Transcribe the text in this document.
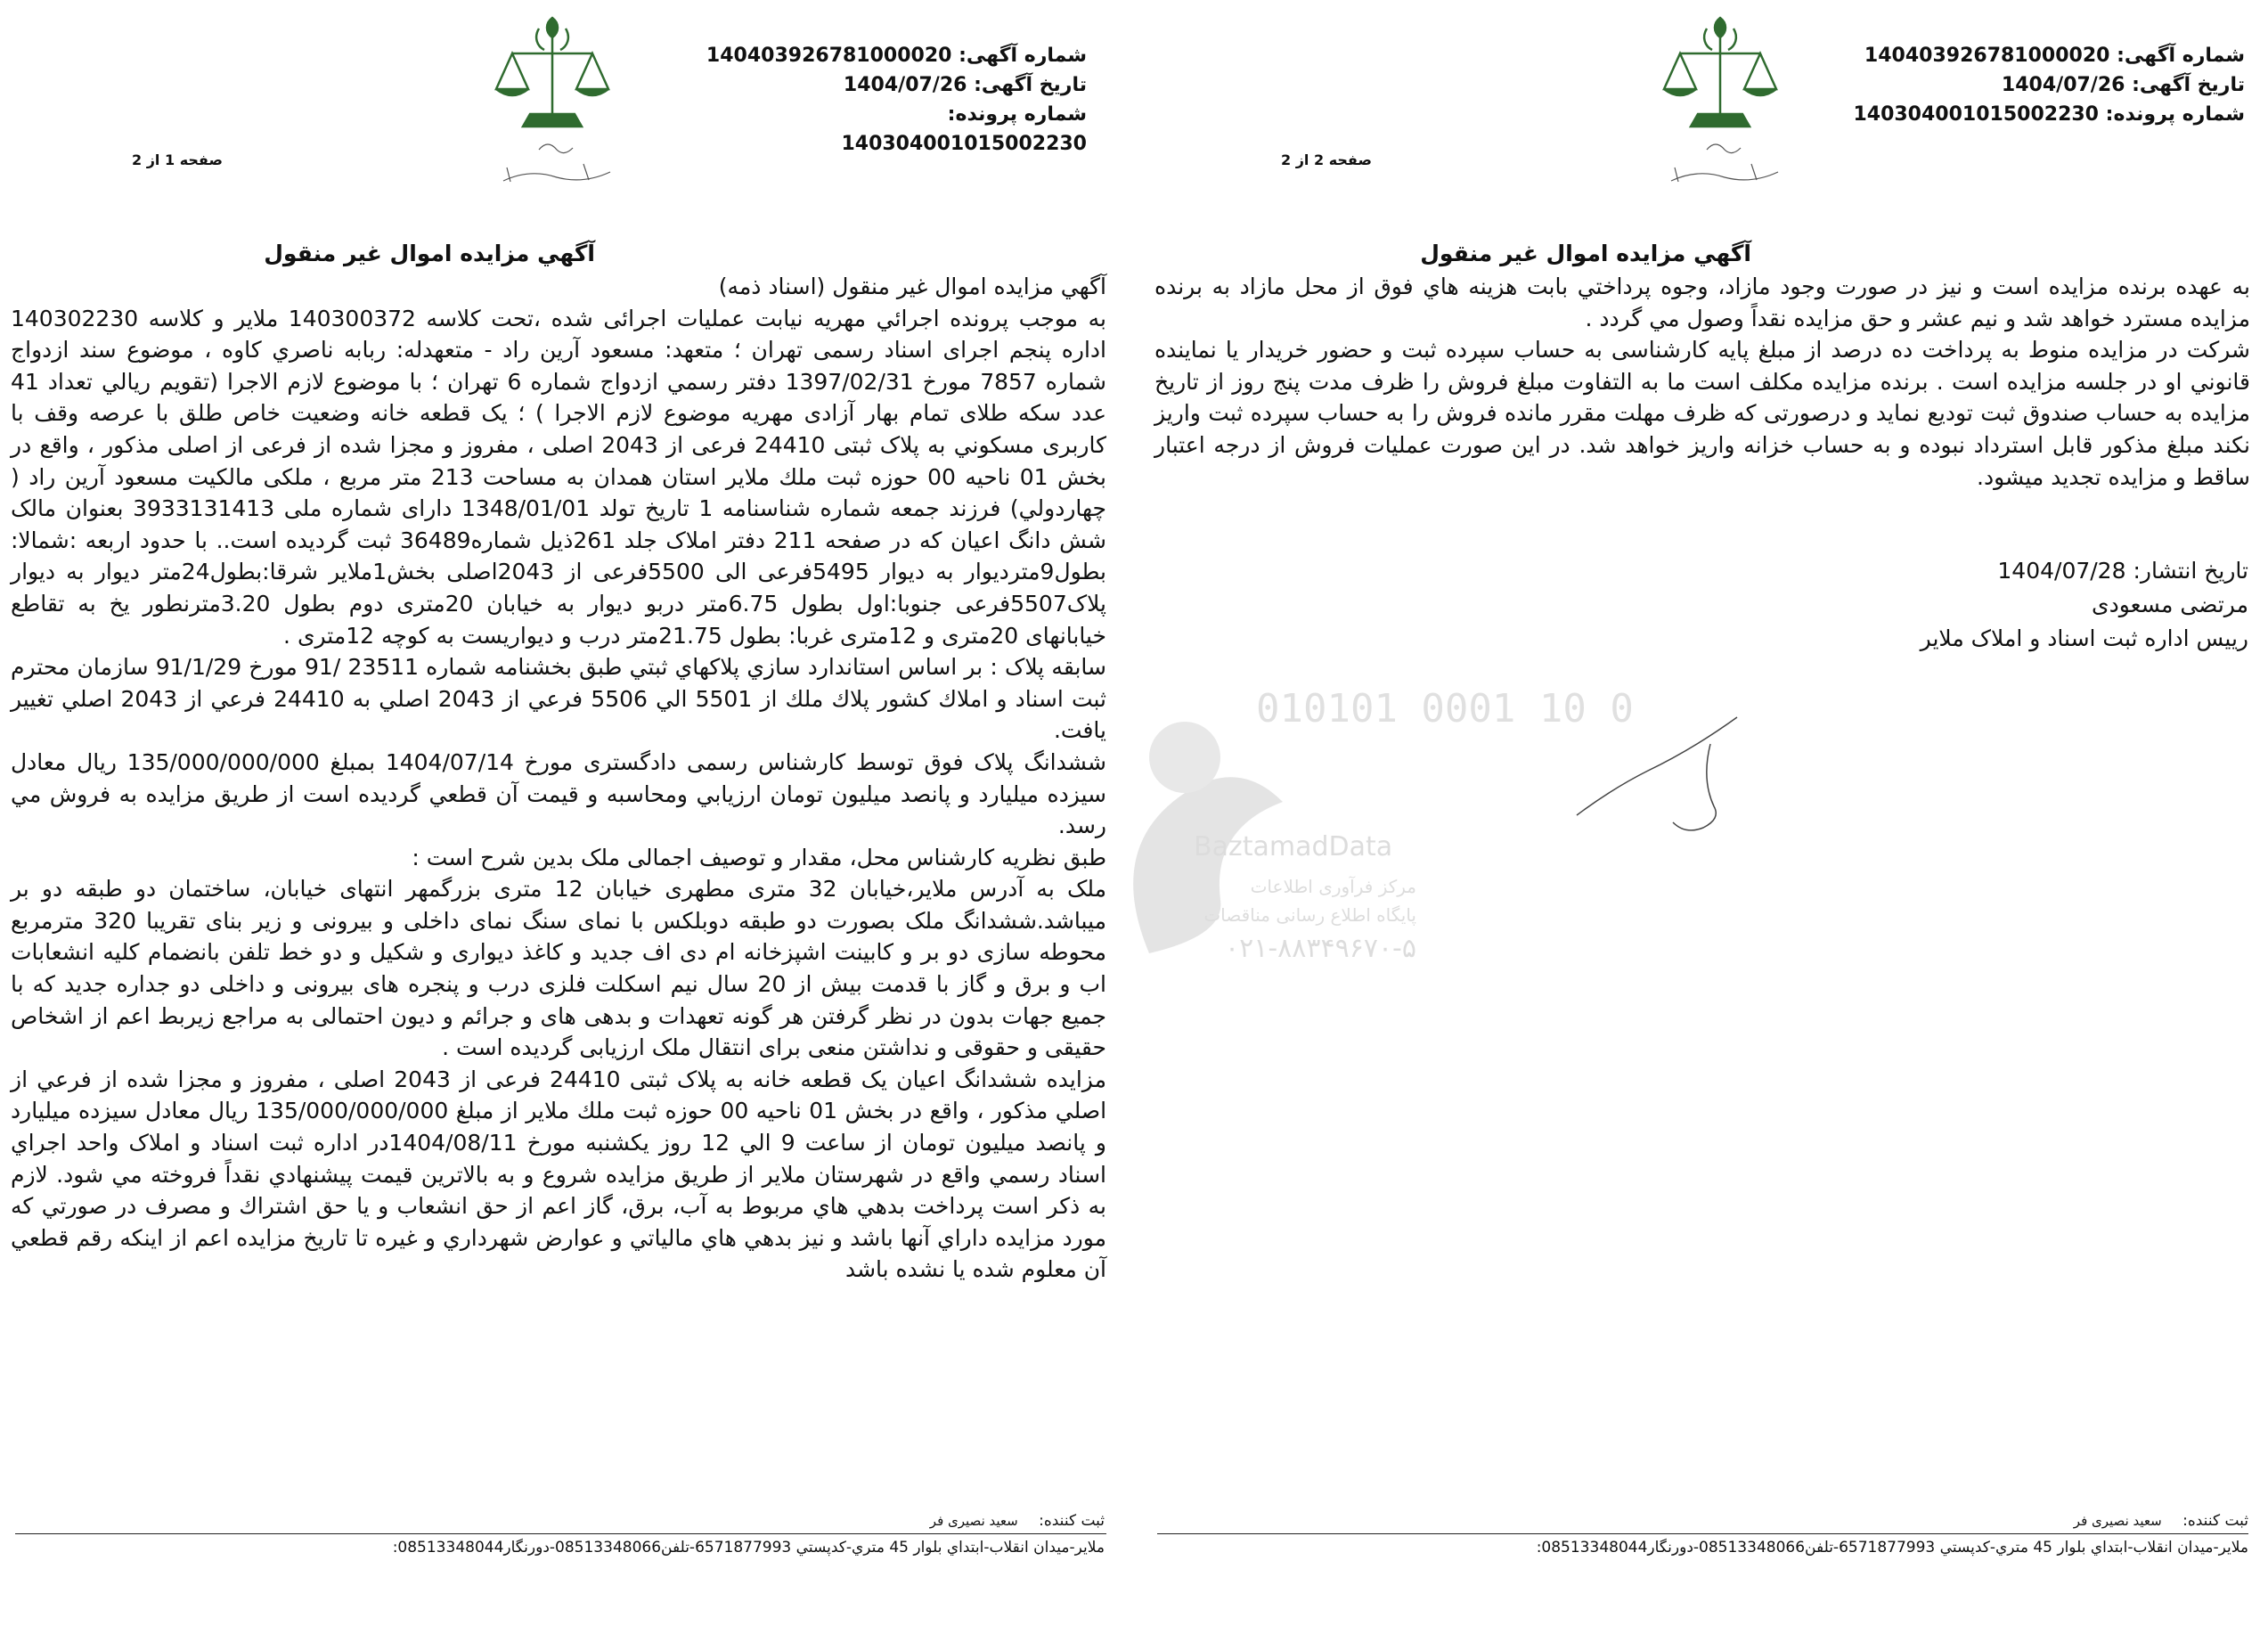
شماره آگهی: 140403926781000020
تاریخ آگهی: 1404/07/26
شماره پرونده: 140304001015002230
صفحه 1 از 2
آگهي مزايده اموال غير منقول

آگهي مزايده اموال غير منقول (اسناد ذمه)

به موجب پرونده اجرائي مهريه نيابت عمليات اجرائی شده ،تحت کلاسه 140300372 ملاير و کلاسه 140302230 اداره پنجم اجرای اسناد رسمی تهران ؛ متعهد: مسعود آرین راد - متعهدله: ربابه ناصري کاوه ، موضوع سند ازدواج شماره 7857 مورخ 1397/02/31 دفتر رسمي ازدواج شماره 6 تهران ؛ با موضوع لازم الاجرا (تقویم ریالي تعداد 41 عدد سکه طلای تمام بهار آزادی مهریه موضوع لازم الاجرا ) ؛ يک قطعه خانه وضعيت خاص طلق با عرصه وقف با کاربری مسکوني به پلاک ثبتی 24410 فرعی از 2043 اصلی ، مفروز و مجزا شده از فرعی از اصلی مذکور ، واقع در بخش 01 ناحيه 00 حوزه ثبت ملك ملاير استان همدان به مساحت 213 متر مربع ، ملکی مالکیت مسعود آرین راد ( چهاردولي) فرزند جمعه شماره شناسنامه 1 تاريخ تولد 1348/01/01 دارای شماره ملی 3933131413 بعنوان مالک شش دانگ اعیان که در صفحه 211 دفتر املاک جلد 261ذیل شماره36489 ثبت گردیده است.. با حدود اربعه :شمالا: بطول9متردیوار به دیوار 5495فرعی الی 5500فرعی از 2043اصلی بخش1ملایر شرقا:بطول24متر دیوار به دیوار پلاک5507فرعی جنوبا:اول بطول 6.75متر دربو دیوار به خیابان 20متری دوم بطول 3.20مترنطور یخ به تقاطع خیابانهای 20متری و 12متری غربا: بطول 21.75متر درب و دیواریست به کوچه 12متری .

سابقه پلاک : بر اساس استاندارد سازي پلاکهاي ثبتي طبق بخشنامه شماره 23511 /91 مورخ 91/1/29 سازمان محترم ثبت اسناد و املاك كشور پلاك ملك از 5501 الي 5506 فرعي از 2043 اصلي به 24410 فرعي از 2043 اصلي تغيير يافت.

ششدانگ پلاک فوق توسط کارشناس رسمی دادگستری مورخ 1404/07/14 بمبلغ 135/000/000/000 ریال معادل سیزده میلیارد و پانصد میلیون تومان ارزيابي ومحاسبه و قيمت آن قطعي گرديده است از طريق مزايده به فروش مي رسد.

طبق نظریه کارشناس محل، مقدار و توصیف اجمالی ملک بدین شرح است :

ملک به آدرس ملایر،خیابان 32 متری مطهری خیابان 12 متری بزرگمهر انتهای خیابان، ساختمان دو طبقه دو بر میباشد.ششدانگ ملک بصورت دو طبقه دوبلکس با نمای سنگ نمای داخلی و بیرونی و زیر بنای تقریبا 320 مترمربع محوطه سازی دو بر و کابینت اشپزخانه ام دی اف جدید و کاغذ دیواری و شکیل و دو خط تلفن بانضمام کلیه انشعابات اب و برق و گاز با قدمت بیش از 20 سال نیم اسکلت فلزی درب و پنجره های بیرونی و داخلی دو جداره جدید که با جمیع جهات بدون در نظر گرفتن هر گونه تعهدات و بدهی های و جرائم و دیون احتمالی به مراجع زیربط اعم از اشخاص حقیقی و حقوقی و نداشتن منعی برای انتقال ملک ارزیابی گردیده است .

مزایده ششدانگ اعیان یک قطعه خانه به پلاک ثبتی 24410 فرعی از 2043 اصلی ، مفروز و مجزا شده از فرعي از اصلي مذکور ، واقع در بخش 01 ناحيه 00 حوزه ثبت ملك ملاير از مبلغ 135/000/000/000 ريال معادل سيزده ميليارد و پانصد ميليون تومان از ساعت 9 الي 12 روز يکشنبه مورخ 1404/08/11در اداره ثبت اسناد و املاک واحد اجراي اسناد رسمي واقع در شهرستان ملاير از طريق مزايده شروع و به بالاترين قيمت پيشنهادي نقداً فروخته مي شود. لازم به ذکر است پرداخت بدهي هاي مربوط به آب، برق، گاز اعم از حق انشعاب و يا حق اشتراك و مصرف در صورتي که مورد مزايده داراي آنها باشد و نيز بدهي هاي مالياتي و عوارض شهرداري و غيره تا تاريخ مزايده اعم از اينکه رقم قطعي آن معلوم شده يا نشده باشد

ثبت کننده: سعید نصیری فر
ملاير-ميدان انقلاب-ابتداي بلوار 45 متري-کدپستي 6571877993-تلفن08513348066-دورنگار08513348044:
شماره آگهی: 140403926781000020
تاریخ آگهی: 1404/07/26
شماره پرونده: 140304001015002230
صفحه 2 از 2
آگهي مزايده اموال غير منقول

به عهده برنده مزايده است و نيز در صورت وجود مازاد، وجوه پرداختي بابت هزينه هاي فوق از محل مازاد به برنده مزايده مسترد خواهد شد و نيم عشر و حق مزايده نقداً وصول مي گردد .

شرکت در مزايده منوط به پرداخت ده درصد از مبلغ پايه کارشناسی به حساب سپرده ثبت و حضور خريدار يا نماينده قانوني او در جلسه مزايده است . برنده مزايده مکلف است ما به التفاوت مبلغ فروش را ظرف مدت پنج روز از تاريخ مزايده به حساب صندوق ثبت توديع نمايد و درصورتی که ظرف مهلت مقرر مانده فروش را به حساب سپرده ثبت واريز نکند مبلغ مذکور قابل استرداد نبوده و به حساب خزانه واريز خواهد شد. در اين صورت عمليات فروش از درجه اعتبار ساقط و مزايده تجديد ميشود.

تاريخ انتشار: 1404/07/28
مرتضی مسعودی
ریيس اداره ثبت اسناد و املاک ملاير
ثبت کننده: سعید نصیری فر
ملاير-ميدان انقلاب-ابتداي بلوار 45 متري-کدپستي 6571877993-تلفن08513348066-دورنگار08513348044:
010101 0001 10 0
BaztamadData
مرکز فرآوری اطلاعات
پایگاه اطلاع رسانی مناقصات
۰۲۱-۸۸۳۴۹۶۷۰-۵
